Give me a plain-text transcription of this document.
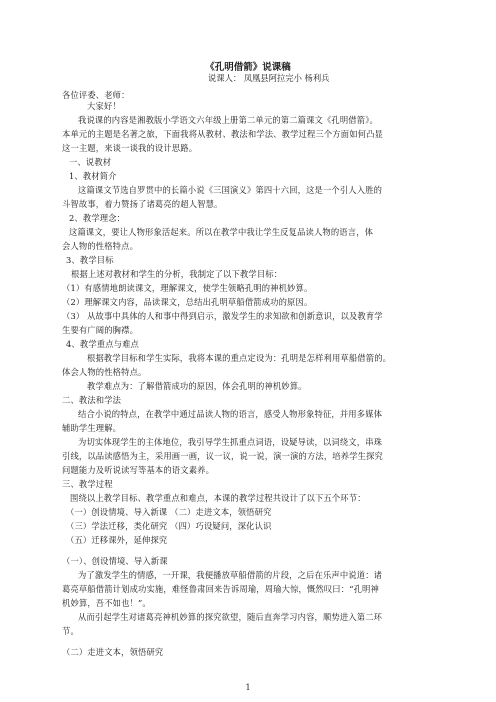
《孔明借箭》说课稿
说课人： 凤凰县阿拉完小 杨利兵
各位评委、老师：
大家好！
我说课的内容是湘教版小学语文六年级上册第二单元的第二篇课文《孔明借箭》。
本单元的主题是名著之旅，下面我将从教材、教法和学法、教学过程三个方面如何凸显
这一主题，来谈一谈我的设计思路。
一、说教材
1、教材简介
这篇课文节选自罗贯中的长篇小说《三国演义》第四十六回，这是一个引人入胜的
斗智故事，着力赞扬了诸葛亮的超人智慧。
2、教学理念：
这篇课文，要让人物形象活起来。所以在教学中我让学生反复品读人物的语言，体
会人物的性格特点。
3、教学目标
根据上述对教材和学生的分析，我制定了以下教学目标：
（1）有感情地朗读课文，理解课文，使学生领略孔明的神机妙算。
（2）理解课文内容，品读课文，总结出孔明草船借箭成功的原因。
（3） 从故事中具体的人和事中得到启示，激发学生的求知欲和创新意识，以及教育学
生要有广阔的胸襟。
4、教学重点与难点
根据教学目标和学生实际，我将本课的重点定设为：孔明是怎样利用草船借箭的。
体会人物的性格特点。
教学难点为：了解借箭成功的原因，体会孔明的神机妙算。
二、教法和学法
结合小说的特点，在教学中通过品读人物的语言，感受人物形象特征，并用多媒体
辅助学生理解。
为切实体现学生的主体地位，我引导学生抓重点词语，设疑导读，以词绕文，串珠
引线，以品读感悟为主，采用画一画，议一议，说一说，演一演的方法，培养学生探究
问题能力及听说读写等基本的语文素养。
三、教学过程
围绕以上教学目标、教学重点和难点，本课的教学过程共设计了以下五个环节：
（一）创设情境、导入新课 （二）走进文本，领悟研究
（三）学法迁移，类化研究 （四）巧设疑问，深化认识
（五）迁移课外，延伸探究
（一）、创设情境、导入新课
为了激发学生的情感，一开课，我便播放草船借箭的片段，之后在乐声中说道：诸
葛亮草船借箭计划成功实施，难怪鲁肃回来告诉周瑜，周瑜大惊，慨然叹曰：“孔明神
机妙算，吾不如也！”。
从而引起学生对诸葛亮神机妙算的探究欲望，随后直奔学习内容，顺势进入第二环
节。
（二）走进文本，领悟研究
1
